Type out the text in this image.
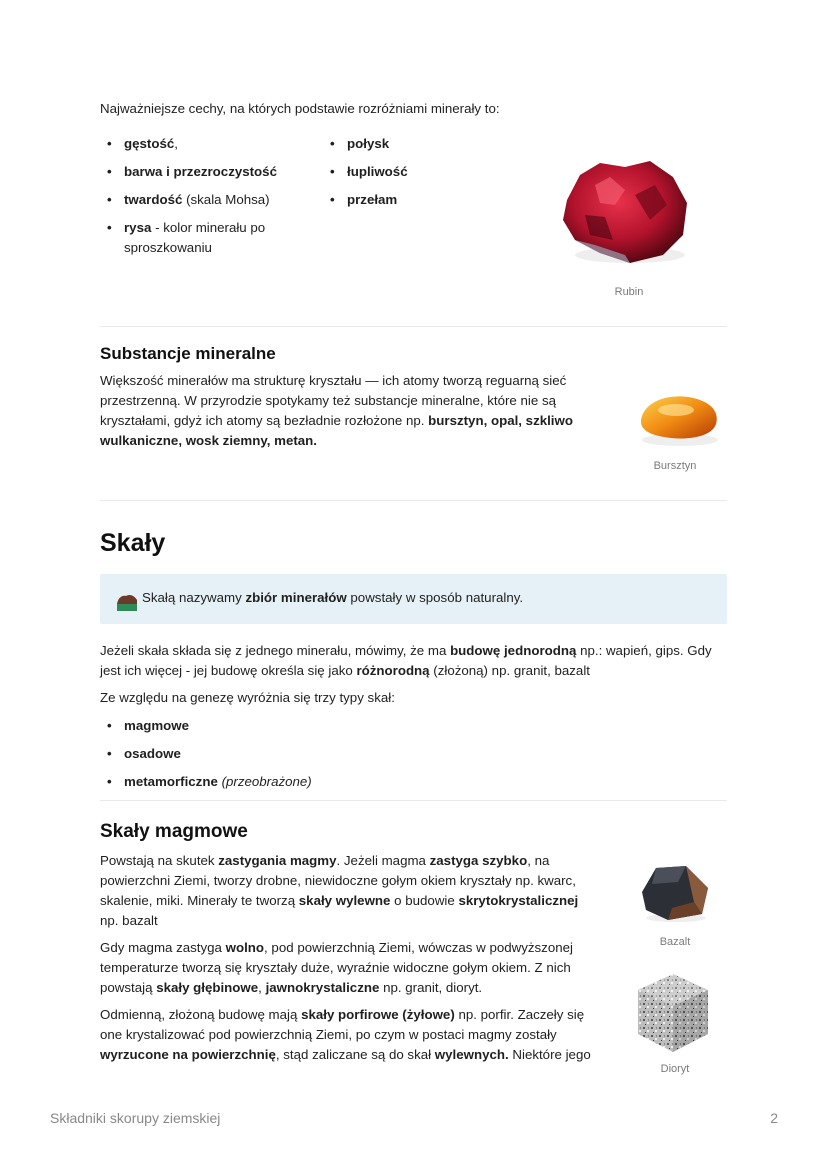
Najważniejsze cechy, na których podstawie rozróżniami minerały to:
• gęstość,
• barwa i przezroczystość
• twardość (skala Mohsa)
• rysa - kolor minerału po sproszkowaniu
• połysk
• łupliwość
• przełam
Rubin
Substancje mineralne

Większość minerałów ma strukturę kryształu — ich atomy tworzą reguarną sieć przestrzenną. W przyrodzie spotykamy też substancje mineralne, które nie są kryształami, gdyż ich atomy są bezładnie rozłożone np. bursztyn, opal, szkliwo wulkaniczne, wosk ziemny, metan.

Bursztyn
Skały
Skałą nazywamy zbiór minerałów powstały w sposób naturalny.

Jeżeli skała składa się z jednego minerału, mówimy, że ma budowę jednorodną np.: wapień, gips. Gdy jest ich więcej - jej budowę określa się jako różnorodną (złożoną) np. granit, bazalt

Ze względu na genezę wyróżnia się trzy typy skał:

• magmowe
• osadowe
• metamorficzne (przeobrażone)
Skały magmowe

Powstają na skutek zastygania magmy. Jeżeli magma zastyga szybko, na powierzchni Ziemi, tworzy drobne, niewidoczne gołym okiem kryształy np. kwarc, skalenie, miki. Minerały te tworzą skały wylewne o budowie skrytokrystalicznej np. bazalt

Gdy magma zastyga wolno, pod powierzchnią Ziemi, wówczas w podwyższonej temperaturze tworzą się kryształy duże, wyraźnie widoczne gołym okiem. Z nich powstają skały głębinowe, jawnokrystaliczne np. granit, dioryt.

Odmienną, złożoną budowę mają skały porfirowe (żyłowe) np. porfir. Zaczeły się one krystalizować pod powierzchnią Ziemi, po czym w postaci magmy zostały wyrzucone na powierzchnię, stąd zaliczane są do skał wylewnych. Niektóre jego

Bazalt
Dioryt
Składniki skorupy ziemskiej	2
